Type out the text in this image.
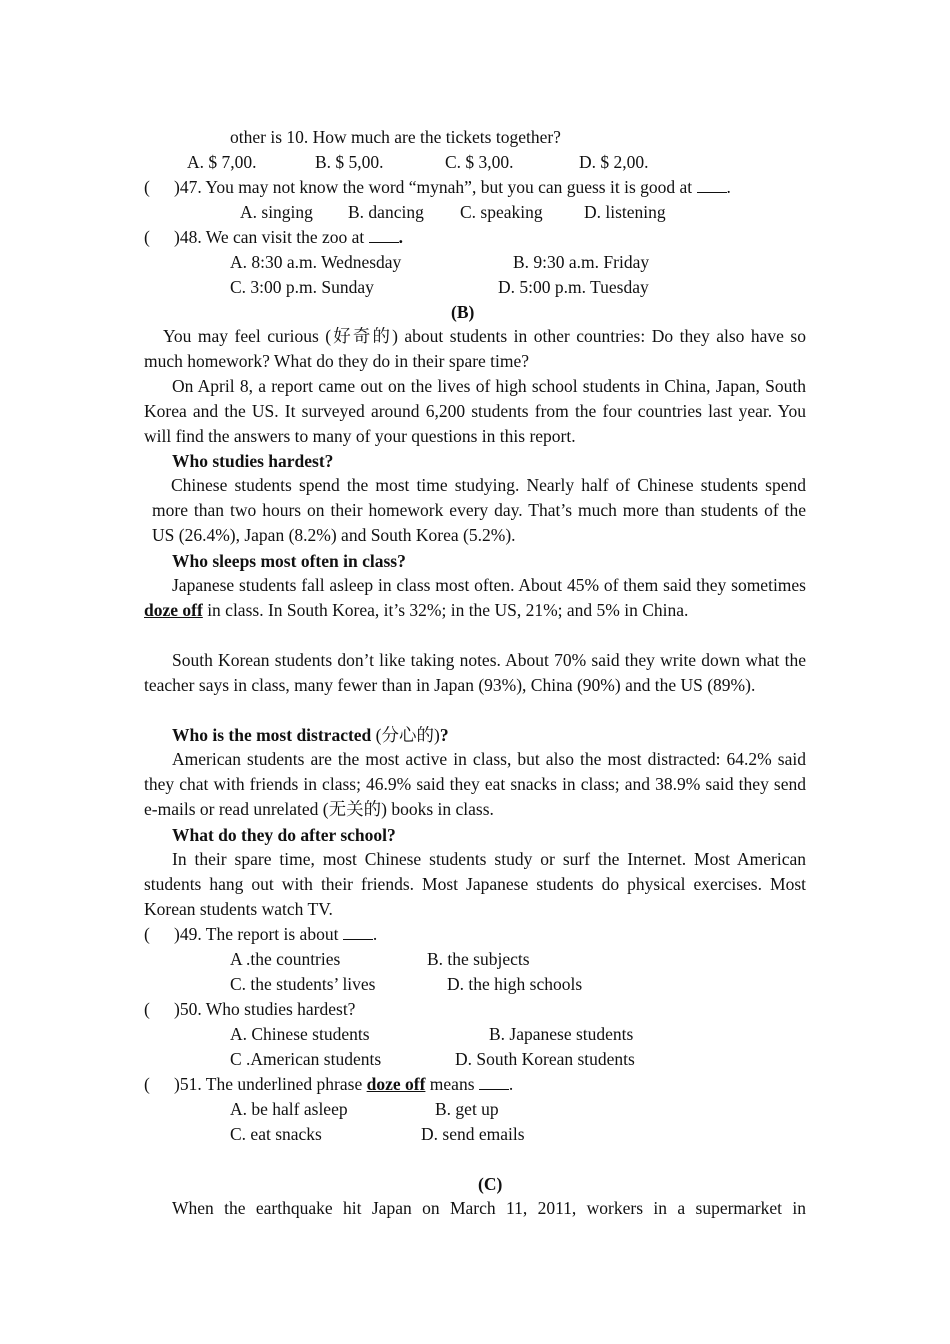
other is 10. How much are the tickets together?
A. $ 7,00.	B. $ 5,00.	C. $ 3,00.	D. $ 2,00.
( )47. You may not know the word “mynah”, but you can guess it is good at .
A. singing B. dancing C. speaking D. listening
( )48. We can visit the zoo at .
A. 8:30 a.m. Wednesday	B. 9:30 a.m. Friday
C. 3:00 p.m. Sunday	D. 5:00 p.m. Tuesday
(B)
You may feel curious (好奇的) about students in other countries: Do they also have so much homework? What do they do in their spare time?
On April 8, a report came out on the lives of high school students in China, Japan, South Korea and the US. It surveyed around 6,200 students from the four countries last year. You will find the answers to many of your questions in this report.
Who studies hardest?
Chinese students spend the most time studying. Nearly half of Chinese students spend more than two hours on their homework every day. That’s much more than students of the US (26.4%), Japan (8.2%) and South Korea (5.2%).
Who sleeps most often in class?
Japanese students fall asleep in class most often. About 45% of them said they sometimes doze off in class. In South Korea, it’s 32%; in the US, 21%; and 5% in China.
South Korean students don’t like taking notes. About 70% said they write down what the teacher says in class, many fewer than in Japan (93%), China (90%) and the US (89%).
Who is the most distracted (分心的)?
American students are the most active in class, but also the most distracted: 64.2% said they chat with friends in class; 46.9% said they eat snacks in class; and 38.9% said they send e-mails or read unrelated (无关的) books in class.
What do they do after school?
In their spare time, most Chinese students study or surf the Internet. Most American students hang out with their friends. Most Japanese students do physical exercises. Most Korean students watch TV.
( )49. The report is about .
A .the countries	B. the subjects
C. the students’ lives	D. the high schools
( )50. Who studies hardest?
A. Chinese students	B. Japanese students
C .American students	D. South Korean students
( )51. The underlined phrase doze off means .
A. be half asleep	B. get up
C. eat snacks	D. send emails
(C)
When the earthquake hit Japan on March 11, 2011, workers in a supermarket in
